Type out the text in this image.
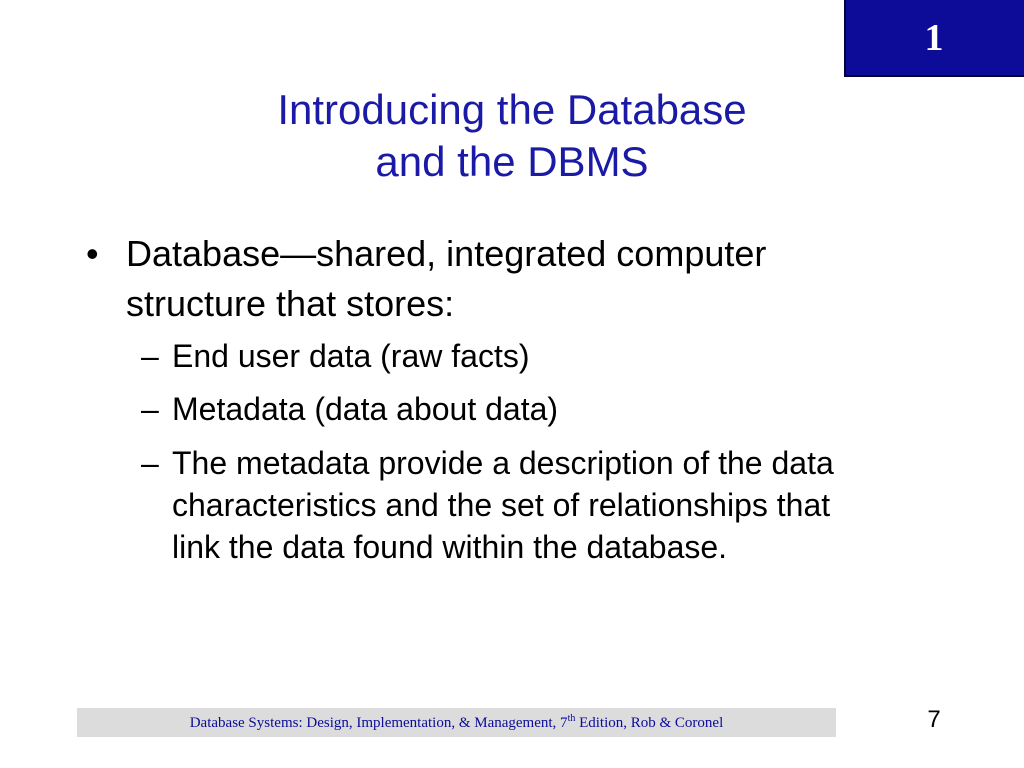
1
Introducing the Database
and the DBMS
• Database—shared, integrated computer
structure that stores:
– End user data (raw facts)
– Metadata (data about data)
– The metadata provide a description of the data
characteristics and the set of relationships that
link the data found within the database.
Database Systems: Design, Implementation, & Management, 7th Edition, Rob & Coronel	7
